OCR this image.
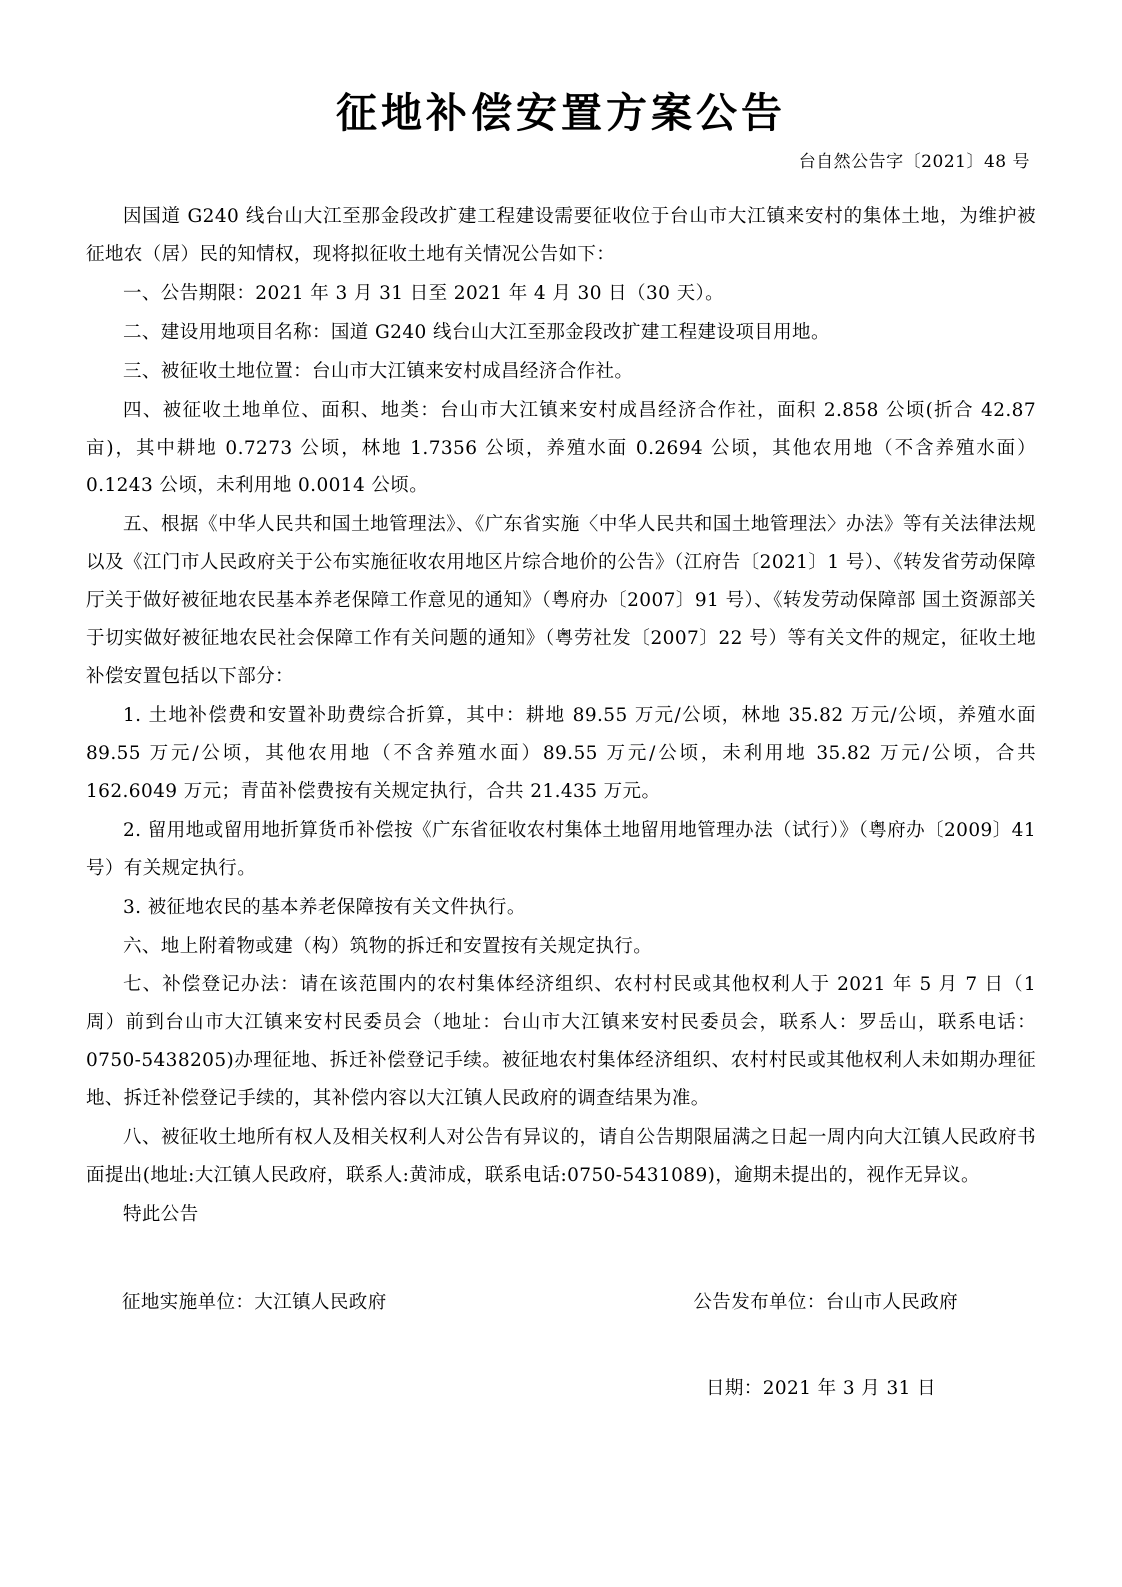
征地补偿安置方案公告
台自然公告字〔2021〕48 号

因国道 G240 线台山大江至那金段改扩建工程建设需要征收位于台山市大江镇来安村的集体土地，为维护被征地农（居）民的知情权，现将拟征收土地有关情况公告如下：

一、公告期限：2021 年 3 月 31 日至 2021 年 4 月 30 日（30 天）。

二、建设用地项目名称：国道 G240 线台山大江至那金段改扩建工程建设项目用地。

三、被征收土地位置：台山市大江镇来安村成昌经济合作社。

四、被征收土地单位、面积、地类：台山市大江镇来安村成昌经济合作社，面积 2.858 公顷(折合 42.87 亩)，其中耕地 0.7273 公顷，林地 1.7356 公顷，养殖水面 0.2694 公顷，其他农用地（不含养殖水面）0.1243 公顷，未利用地 0.0014 公顷。

五、根据《中华人民共和国土地管理法》、《广东省实施〈中华人民共和国土地管理法〉办法》等有关法律法规以及《江门市人民政府关于公布实施征收农用地区片综合地价的公告》（江府告〔2021〕1 号）、《转发省劳动保障厅关于做好被征地农民基本养老保障工作意见的通知》（粤府办〔2007〕91 号）、《转发劳动保障部 国土资源部关于切实做好被征地农民社会保障工作有关问题的通知》（粤劳社发〔2007〕22 号）等有关文件的规定，征收土地补偿安置包括以下部分：

1. 土地补偿费和安置补助费综合折算，其中：耕地 89.55 万元/公顷，林地 35.82 万元/公顷，养殖水面 89.55 万元/公顷，其他农用地（不含养殖水面）89.55 万元/公顷，未利用地 35.82 万元/公顷，合共 162.6049 万元；青苗补偿费按有关规定执行，合共 21.435 万元。

2. 留用地或留用地折算货币补偿按《广东省征收农村集体土地留用地管理办法（试行）》（粤府办〔2009〕41 号）有关规定执行。

3. 被征地农民的基本养老保障按有关文件执行。

六、地上附着物或建（构）筑物的拆迁和安置按有关规定执行。

七、补偿登记办法：请在该范围内的农村集体经济组织、农村村民或其他权利人于 2021 年 5 月 7 日（1 周）前到台山市大江镇来安村民委员会（地址：台山市大江镇来安村民委员会，联系人：罗岳山，联系电话：0750-5438205)办理征地、拆迁补偿登记手续。被征地农村集体经济组织、农村村民或其他权利人未如期办理征地、拆迁补偿登记手续的，其补偿内容以大江镇人民政府的调查结果为准。

八、被征收土地所有权人及相关权利人对公告有异议的，请自公告期限届满之日起一周内向大江镇人民政府书面提出(地址:大江镇人民政府，联系人:黄沛成，联系电话:0750-5431089)，逾期未提出的，视作无异议。

特此公告

征地实施单位：大江镇人民政府	公告发布单位：台山市人民政府
日期：2021 年 3 月 31 日
